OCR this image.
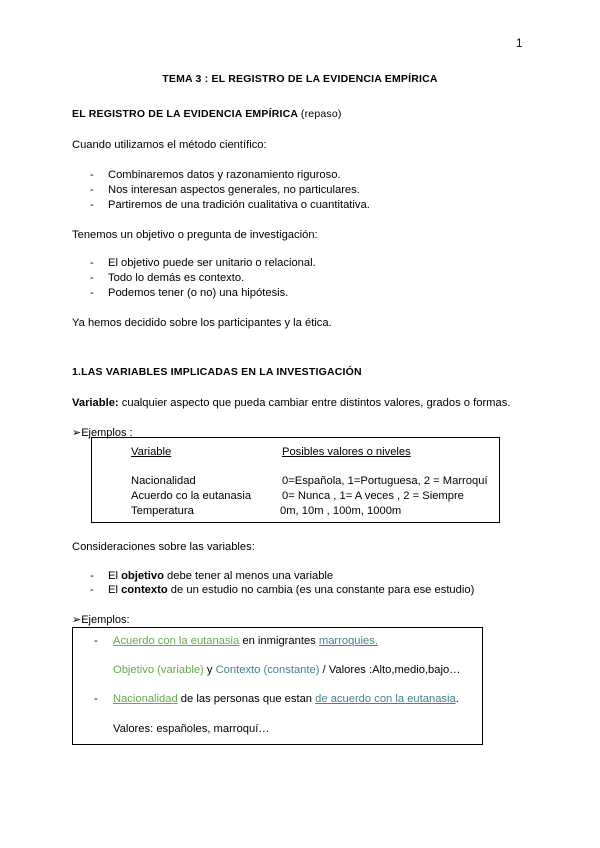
1
TEMA 3 : EL REGISTRO DE LA EVIDENCIA EMPÍRICA
EL REGISTRO DE LA EVIDENCIA EMPÍRICA (repaso)
Cuando utilizamos el método científico:
- Combinaremos datos y razonamiento riguroso.
- Nos interesan aspectos generales, no particulares.
- Partiremos de una tradición cualitativa o cuantitativa.
Tenemos un objetivo o pregunta de investigación:
- El objetivo puede ser unitario o relacional.
- Todo lo demás es contexto.
- Podemos tener (o no) una hipótesis.
Ya hemos decidido sobre los participantes y la ética.
1.LAS VARIABLES IMPLICADAS EN LA INVESTIGACIÓN
Variable: cualquier aspecto que pueda cambiar entre distintos valores, grados o formas.
➢Ejemplos :
Variable	Posibles valores o niveles
Nacionalidad	0=Española, 1=Portuguesa, 2 = Marroquí
Acuerdo co la eutanasia	0= Nunca , 1= A veces , 2 = Siempre
Temperatura	0m, 10m , 100m, 1000m
Consideraciones sobre las variables:
- El objetivo debe tener al menos una variable
- El contexto de un estudio no cambia (es una constante para ese estudio)
➢Ejemplos:
- Acuerdo con la eutanasia en inmigrantes marroquies.
Objetivo (variable) y Contexto (constante) / Valores :Alto,medio,bajo…
- Nacionalidad de las personas que estan de acuerdo con la eutanasia.
Valores: españoles, marroquí…
